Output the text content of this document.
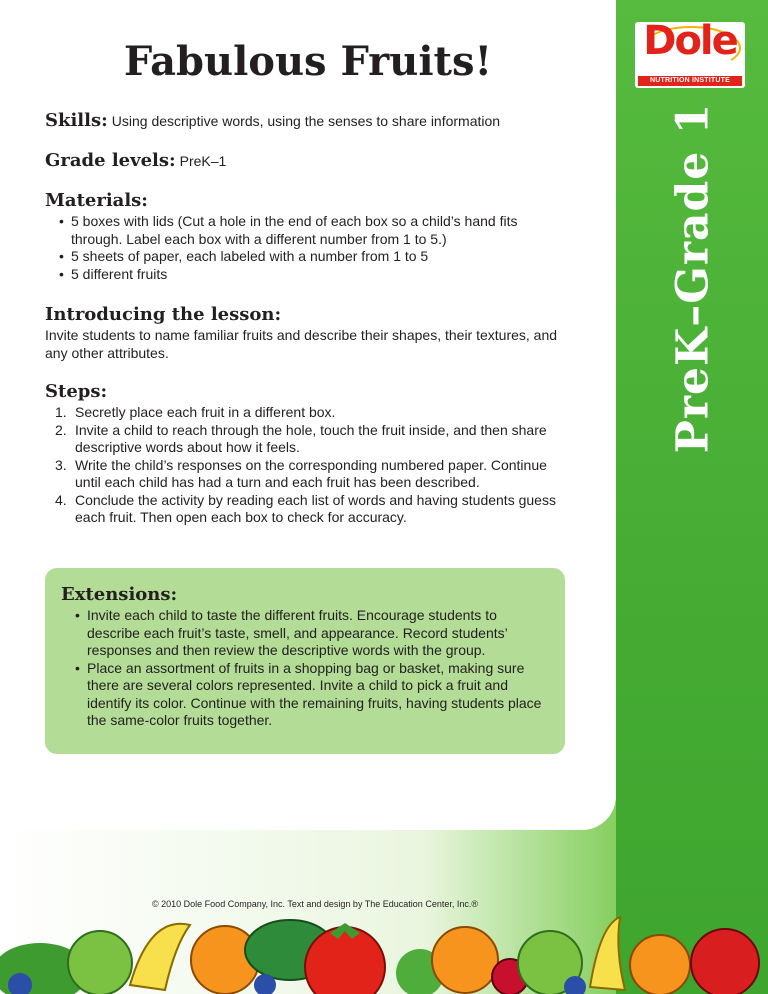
Dole
NUTRITION INSTITUTE
PreK–Grade 1
Fabulous Fruits!
Skills: Using descriptive words, using the senses to share information
Grade levels: PreK–1
Materials:
• 5 boxes with lids (Cut a hole in the end of each box so a child’s hand fits through. Label each box with a different number from 1 to 5.)
• 5 sheets of paper, each labeled with a number from 1 to 5
• 5 different fruits
Introducing the lesson:

Invite students to name familiar fruits and describe their shapes, their textures, and any other attributes.

Steps:
1. Secretly place each fruit in a different box.
2. Invite a child to reach through the hole, touch the fruit inside, and then share descriptive words about how it feels.
3. Write the child’s responses on the corresponding numbered paper. Continue until each child has had a turn and each fruit has been described.
4. Conclude the activity by reading each list of words and having students guess each fruit. Then open each box to check for accuracy.
Extensions:
• Invite each child to taste the different fruits. Encourage students to describe each fruit’s taste, smell, and appearance. Record students’ responses and then review the descriptive words with the group.
• Place an assortment of fruits in a shopping bag or basket, making sure there are several colors represented. Invite a child to pick a fruit and identify its color. Continue with the remaining fruits, having students place the same-color fruits together.
© 2010 Dole Food Company, Inc. Text and design by The Education Center, Inc.®
